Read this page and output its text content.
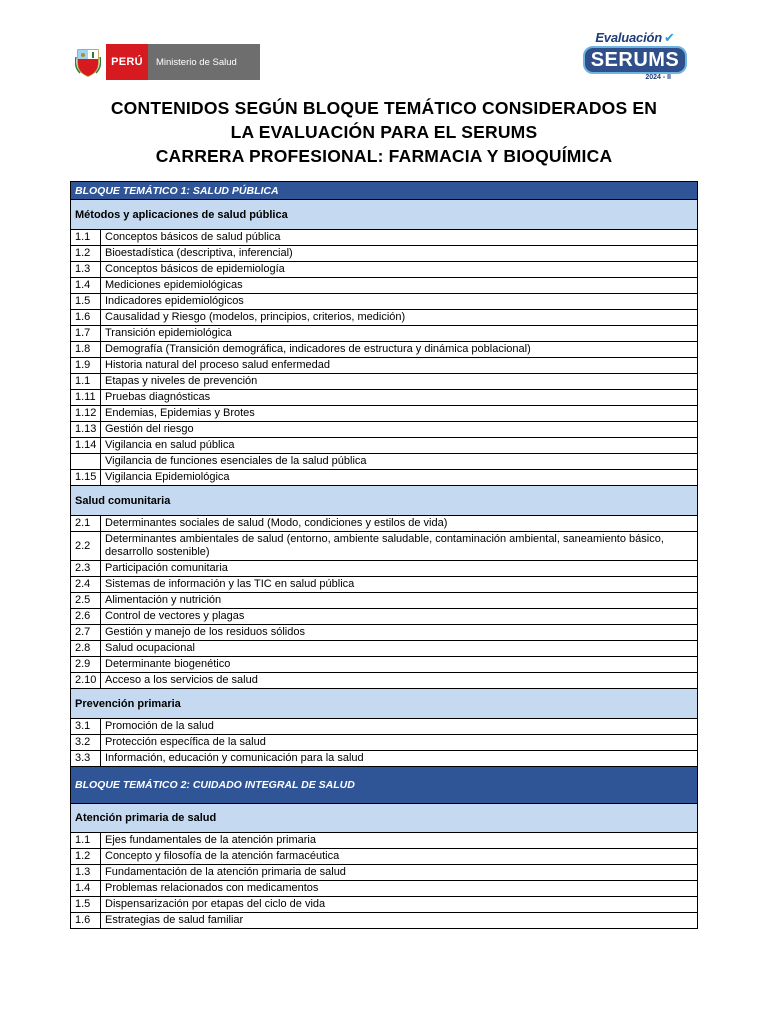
PERÚ	Ministerio de Salud
Evaluación ✔
SERUMS
2024 - II
CONTENIDOS SEGÚN BLOQUE TEMÁTICO CONSIDERADOS EN
LA EVALUACIÓN PARA EL SERUMS
CARRERA PROFESIONAL: FARMACIA Y BIOQUÍMICA
BLOQUE TEMÁTICO 1: SALUD PÚBLICA	
Métodos y aplicaciones de salud pública	
1.1	Conceptos básicos de salud pública
1.2	Bioestadística (descriptiva, inferencial)
1.3	Conceptos básicos de epidemiología
1.4	Mediciones epidemiológicas
1.5	Indicadores epidemiológicos
1.6	Causalidad y Riesgo (modelos, principios, criterios, medición)
1.7	Transición epidemiológica
1.8	Demografía (Transición demográfica, indicadores de estructura y dinámica poblacional)
1.9	Historia natural del proceso salud enfermedad
1.1	Etapas y niveles de prevención
1.11	Pruebas diagnósticas
1.12	Endemias, Epidemias y Brotes
1.13	Gestión del riesgo
1.14	Vigilancia en salud pública
	Vigilancia de funciones esenciales de la salud pública
1.15	Vigilancia Epidemiológica
Salud comunitaria	
2.1	Determinantes sociales de salud (Modo, condiciones y estilos de vida)
2.2	Determinantes ambientales de salud (entorno, ambiente saludable, contaminación ambiental, saneamiento básico, desarrollo sostenible)
2.3	Participación comunitaria
2.4	Sistemas de información y las TIC en salud pública
2.5	Alimentación y nutrición
2.6	Control de vectores y plagas
2.7	Gestión y manejo de los residuos sólidos
2.8	Salud ocupacional
2.9	Determinante biogenético
2.10	Acceso a los servicios de salud
Prevención primaria	
3.1	Promoción de la salud
3.2	Protección específica de la salud
3.3	Información, educación y comunicación para la salud
BLOQUE TEMÁTICO 2: CUIDADO INTEGRAL DE SALUD	
Atención primaria de salud	
1.1	Ejes fundamentales de la atención primaria
1.2	Concepto y filosofía de la atención farmacéutica
1.3	Fundamentación de la atención primaria de salud
1.4	Problemas relacionados con medicamentos
1.5	Dispensarización por etapas del ciclo de vida
1.6	Estrategias de salud familiar
